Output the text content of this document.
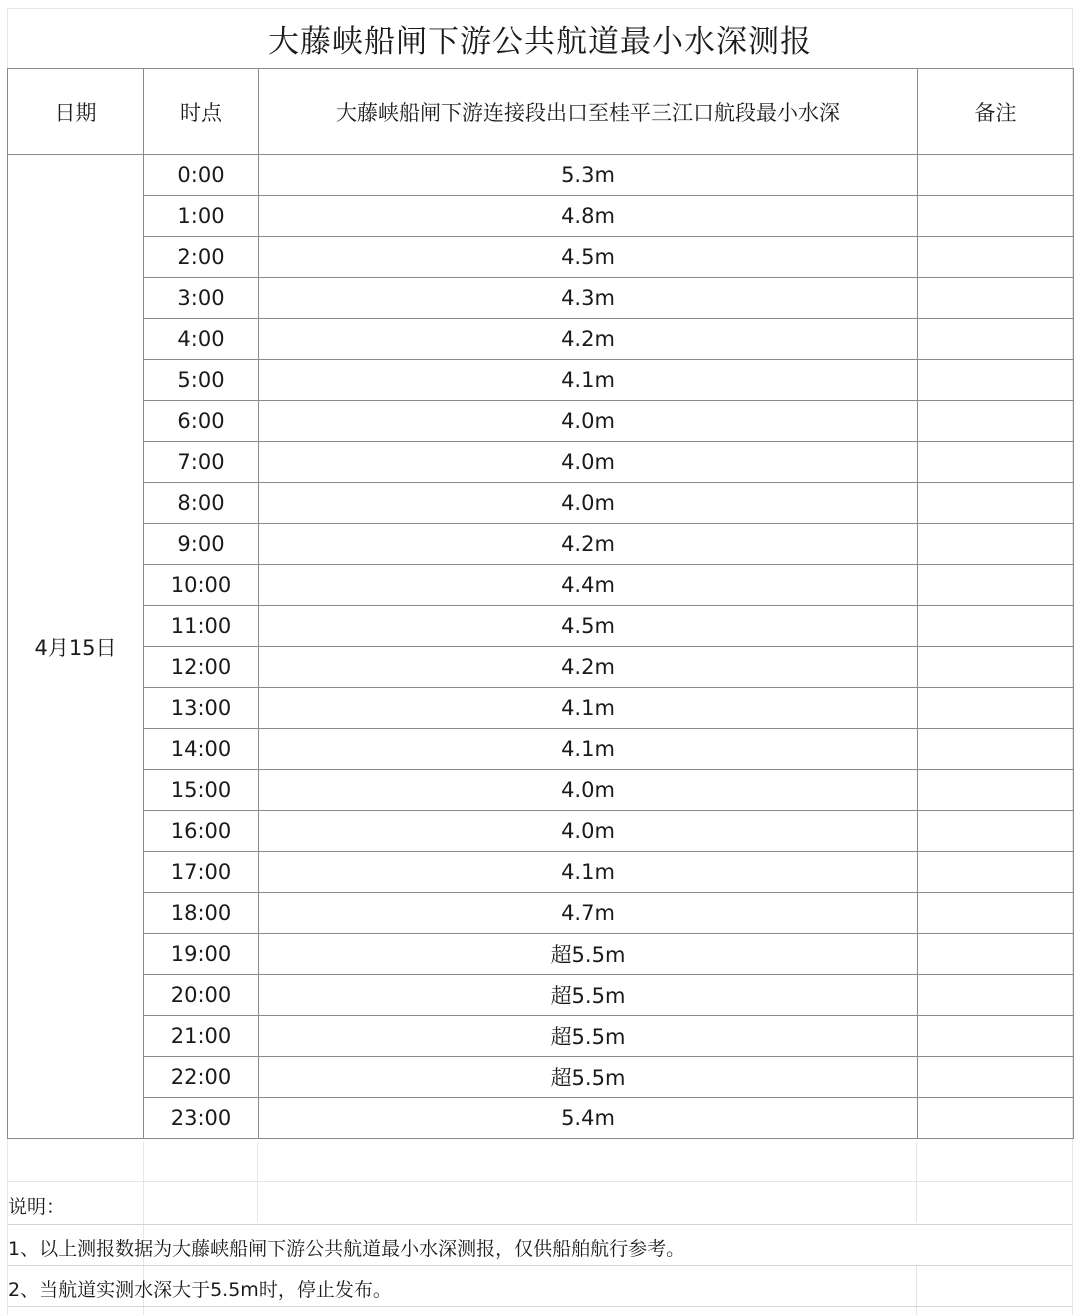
大藤峡船闸下游公共航道最小水深测报
日期	时点	大藤峡船闸下游连接段出口至桂平三江口航段最小水深	备注
4月15日	0:00	5.3m	
	1:00	4.8m	
	2:00	4.5m	
	3:00	4.3m	
	4:00	4.2m	
	5:00	4.1m	
	6:00	4.0m	
	7:00	4.0m	
	8:00	4.0m	
	9:00	4.2m	
	10:00	4.4m	
	11:00	4.5m	
	12:00	4.2m	
	13:00	4.1m	
	14:00	4.1m	
	15:00	4.0m	
	16:00	4.0m	
	17:00	4.1m	
	18:00	4.7m	
	19:00	超5.5m	
	20:00	超5.5m	
	21:00	超5.5m	
	22:00	超5.5m	
	23:00	5.4m	
说明：
1、以上测报数据为大藤峡船闸下游公共航道最小水深测报，仅供船舶航行参考。
2、当航道实测水深大于5.5m时，停止发布。
